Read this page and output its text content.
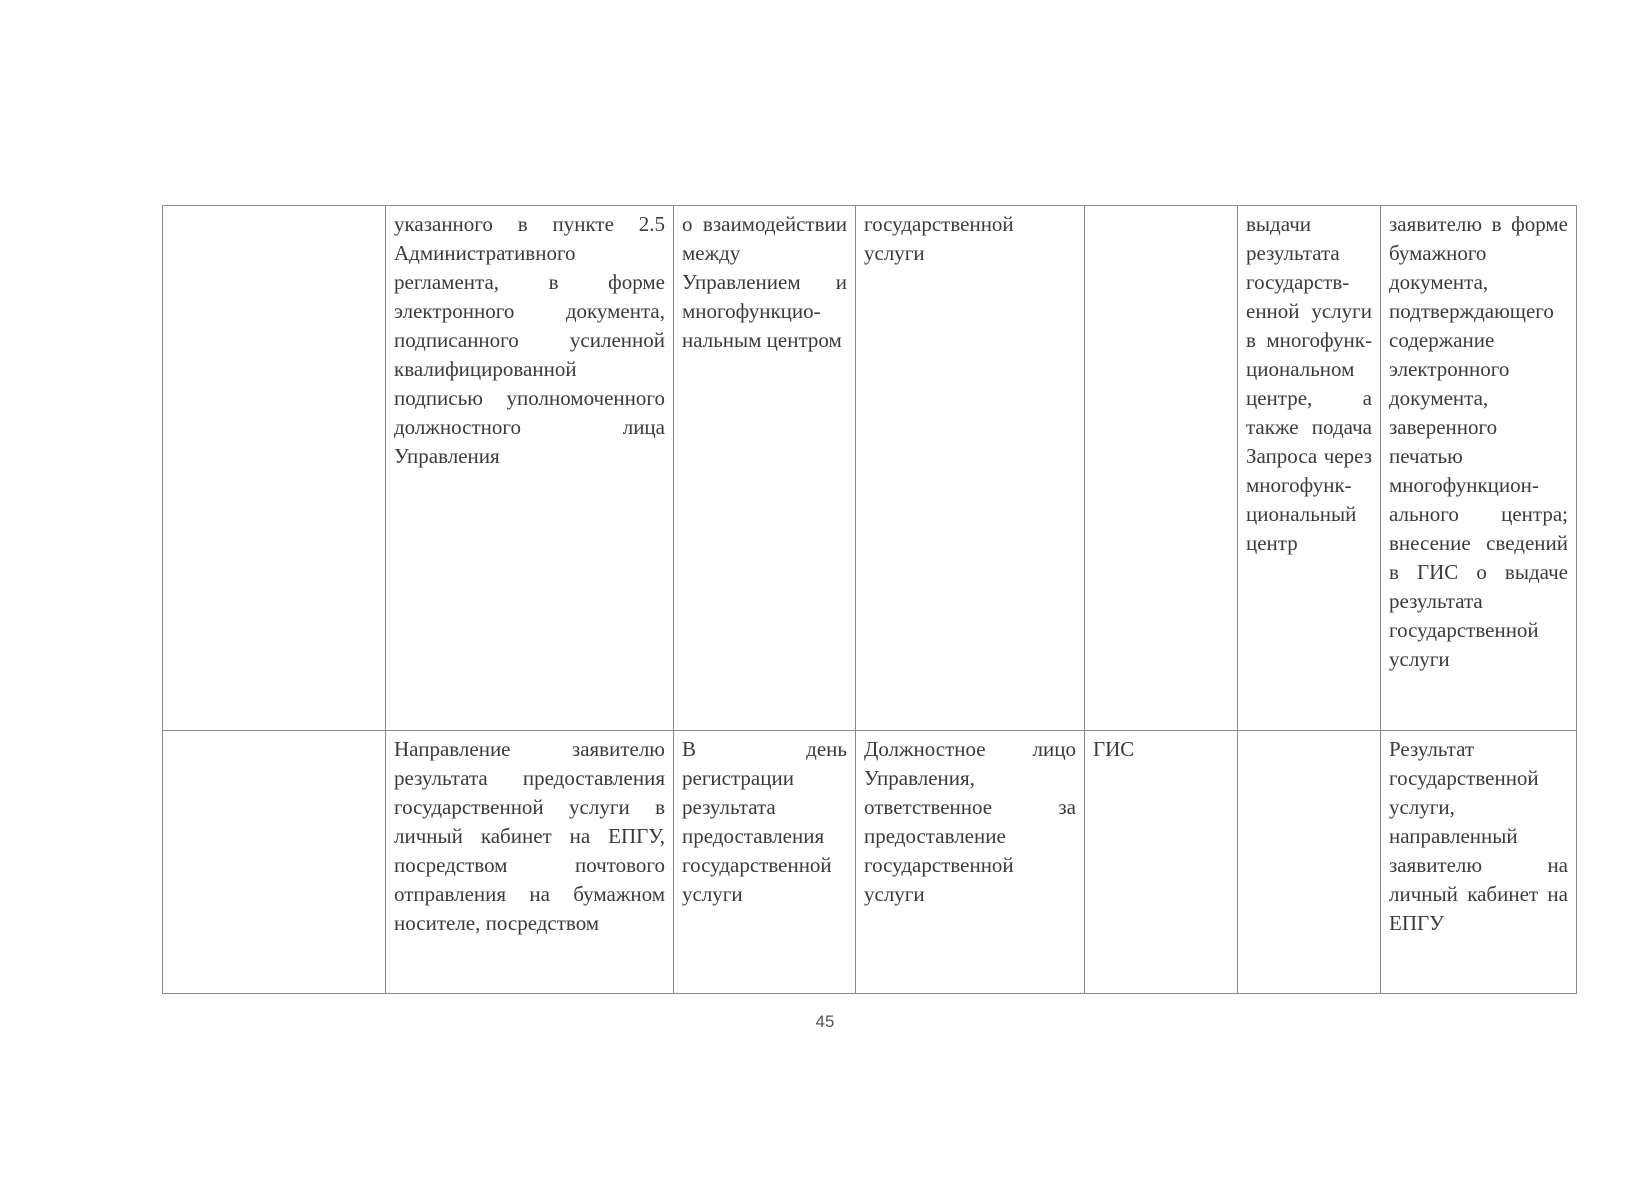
	указанного в пункте 2.5 Административного регламента, в форме электронного документа, подписанного усиленной квалифицированной подписью уполномоченного должностного лица Управления	о взаимодействии между Управлением и многофункциональным центром	государственной услуги		выдачи результата государственной услуги в многофункциональном центре, а также подача Запроса через многофункциональный центр	заявителю в форме бумажного документа, подтверждающего содержание электронного документа, заверенного печатью многофункционального центра; внесение сведений в ГИС о выдаче результата государственной услуги

	Направление заявителю результата предоставления государственной услуги в личный кабинет на ЕПГУ, посредством почтового отправления на бумажном носителе, посредством	В день регистрации результата предоставления государственной услуги	Должностное лицо Управления, ответственное за предоставление государственной услуги	ГИС		Результат государственной услуги, направленный заявителю на личный кабинет на ЕПГУ
45
